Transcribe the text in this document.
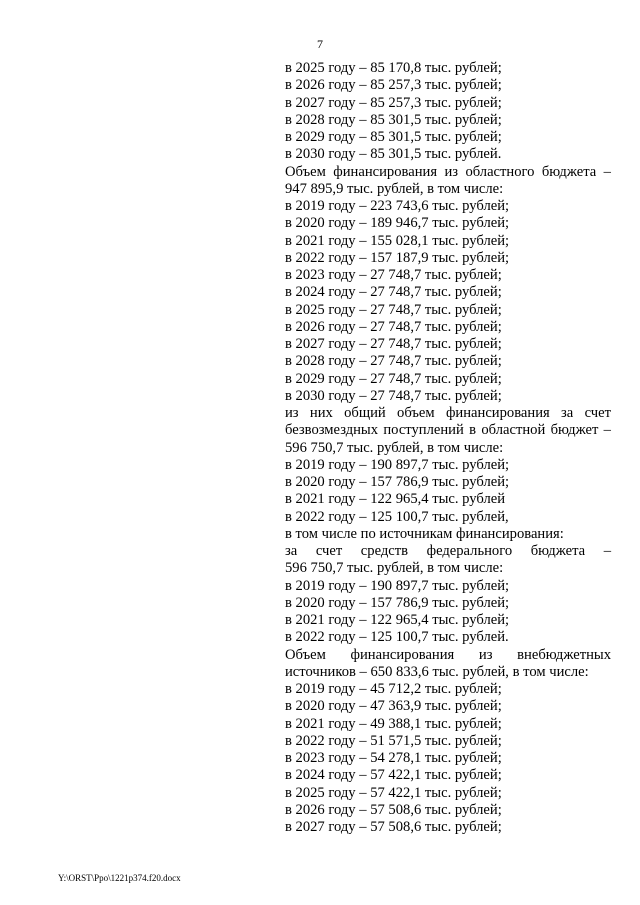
7
в 2025 году – 85 170,8 тыс. рублей;
в 2026 году – 85 257,3 тыс. рублей;
в 2027 году – 85 257,3 тыс. рублей;
в 2028 году – 85 301,5 тыс. рублей;
в 2029 году – 85 301,5 тыс. рублей;
в 2030 году – 85 301,5 тыс. рублей.
Объем финансирования из областного бюджета –
947 895,9 тыс. рублей, в том числе:
в 2019 году – 223 743,6 тыс. рублей;
в 2020 году – 189 946,7 тыс. рублей;
в 2021 году – 155 028,1 тыс. рублей;
в 2022 году – 157 187,9 тыс. рублей;
в 2023 году – 27 748,7 тыс. рублей;
в 2024 году – 27 748,7 тыс. рублей;
в 2025 году – 27 748,7 тыс. рублей;
в 2026 году – 27 748,7 тыс. рублей;
в 2027 году – 27 748,7 тыс. рублей;
в 2028 году – 27 748,7 тыс. рублей;
в 2029 году – 27 748,7 тыс. рублей;
в 2030 году – 27 748,7 тыс. рублей;
из них общий объем финансирования за счет
безвозмездных поступлений в областной бюджет –
596 750,7 тыс. рублей, в том числе:
в 2019 году – 190 897,7 тыс. рублей;
в 2020 году – 157 786,9 тыс. рублей;
в 2021 году – 122 965,4 тыс. рублей
в 2022 году – 125 100,7 тыс. рублей,
в том числе по источникам финансирования:
за счет средств федерального бюджета –
596 750,7 тыс. рублей, в том числе:
в 2019 году – 190 897,7 тыс. рублей;
в 2020 году – 157 786,9 тыс. рублей;
в 2021 году – 122 965,4 тыс. рублей;
в 2022 году – 125 100,7 тыс. рублей.
Объем финансирования из внебюджетных
источников – 650 833,6 тыс. рублей, в том числе:
в 2019 году – 45 712,2 тыс. рублей;
в 2020 году – 47 363,9 тыс. рублей;
в 2021 году – 49 388,1 тыс. рублей;
в 2022 году – 51 571,5 тыс. рублей;
в 2023 году – 54 278,1 тыс. рублей;
в 2024 году – 57 422,1 тыс. рублей;
в 2025 году – 57 422,1 тыс. рублей;
в 2026 году – 57 508,6 тыс. рублей;
в 2027 году – 57 508,6 тыс. рублей;
Y:\ORST\Ppo\1221p374.f20.docx
